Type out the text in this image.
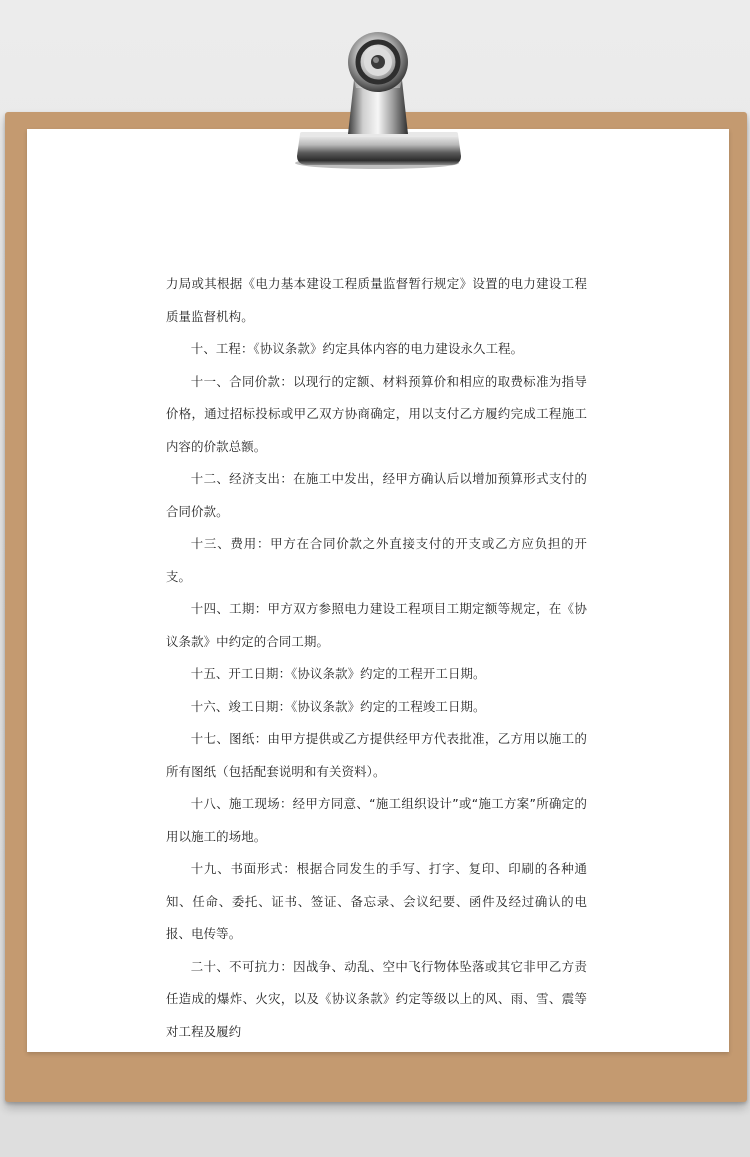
力局或其根据《电力基本建设工程质量监督暂行规定》设置的电力建设工程质量监督机构。

十、工程：《协议条款》约定具体内容的电力建设永久工程。

十一、合同价款：以现行的定额、材料预算价和相应的取费标准为指导价格，通过招标投标或甲乙双方协商确定，用以支付乙方履约完成工程施工内容的价款总额。

十二、经济支出：在施工中发出，经甲方确认后以增加预算形式支付的合同价款。

十三、费用：甲方在合同价款之外直接支付的开支或乙方应负担的开支。

十四、工期：甲方双方参照电力建设工程项目工期定额等规定，在《协议条款》中约定的合同工期。

十五、开工日期：《协议条款》约定的工程开工日期。

十六、竣工日期：《协议条款》约定的工程竣工日期。

十七、图纸：由甲方提供或乙方提供经甲方代表批准，乙方用以施工的所有图纸（包括配套说明和有关资料）。

十八、施工现场：经甲方同意、“施工组织设计”或“施工方案”所确定的用以施工的场地。

十九、书面形式：根据合同发生的手写、打字、复印、印刷的各种通知、任命、委托、证书、签证、备忘录、会议纪要、函件及经过确认的电报、电传等。

二十、不可抗力：因战争、动乱、空中飞行物体坠落或其它非甲乙方责任造成的爆炸、火灾，以及《协议条款》约定等级以上的风、雨、雪、震等对工程及履约
